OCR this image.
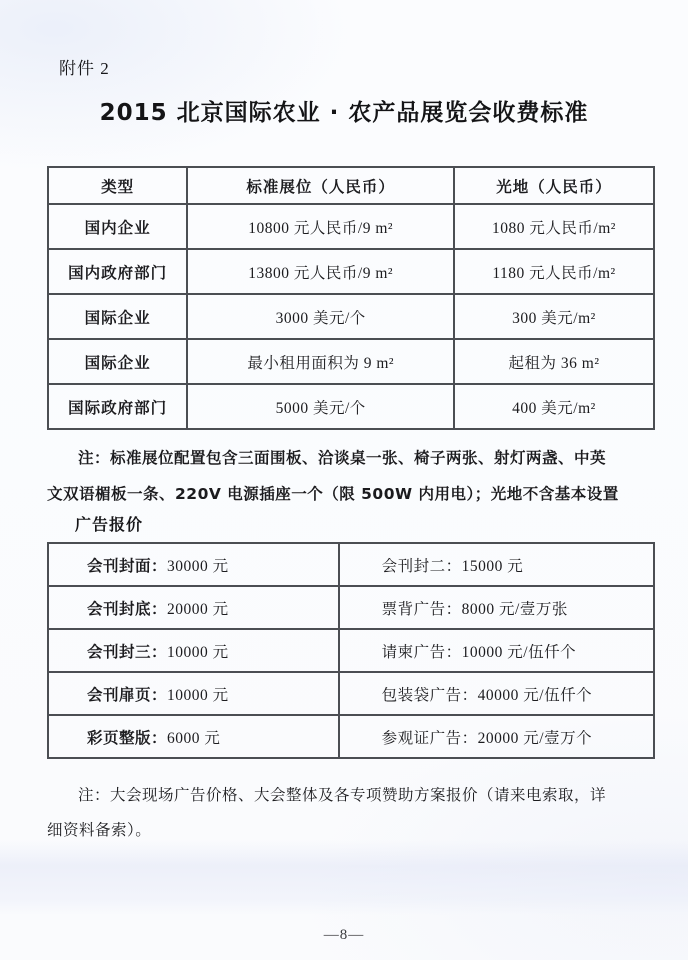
附件 2
2015 北京国际农业 · 农产品展览会收费标准
类型	标准展位（人民币）	光地（人民币）
国内企业	10800 元人民币/9 m²	1080 元人民币/m²
国内政府部门	13800 元人民币/9 m²	1180 元人民币/m²
国际企业	3000 美元/个	300 美元/m²
国际企业	最小租用面积为 9 m²	起租为 36 m²
国际政府部门	5000 美元/个	400 美元/m²
注：标准展位配置包含三面围板、洽谈桌一张、椅子两张、射灯两盏、中英
文双语楣板一条、220V 电源插座一个（限 500W 内用电）；光地不含基本设置
广告报价
会刊封面：30000 元	会刊封二：15000 元
会刊封底：20000 元	票背广告：8000 元/壹万张
会刊封三：10000 元	请柬广告：10000 元/伍仟个
会刊扉页：10000 元	包装袋广告：40000 元/伍仟个
彩页整版：6000 元	参观证广告：20000 元/壹万个
注：大会现场广告价格、大会整体及各专项赞助方案报价（请来电索取，详
细资料备索）。
—8—
